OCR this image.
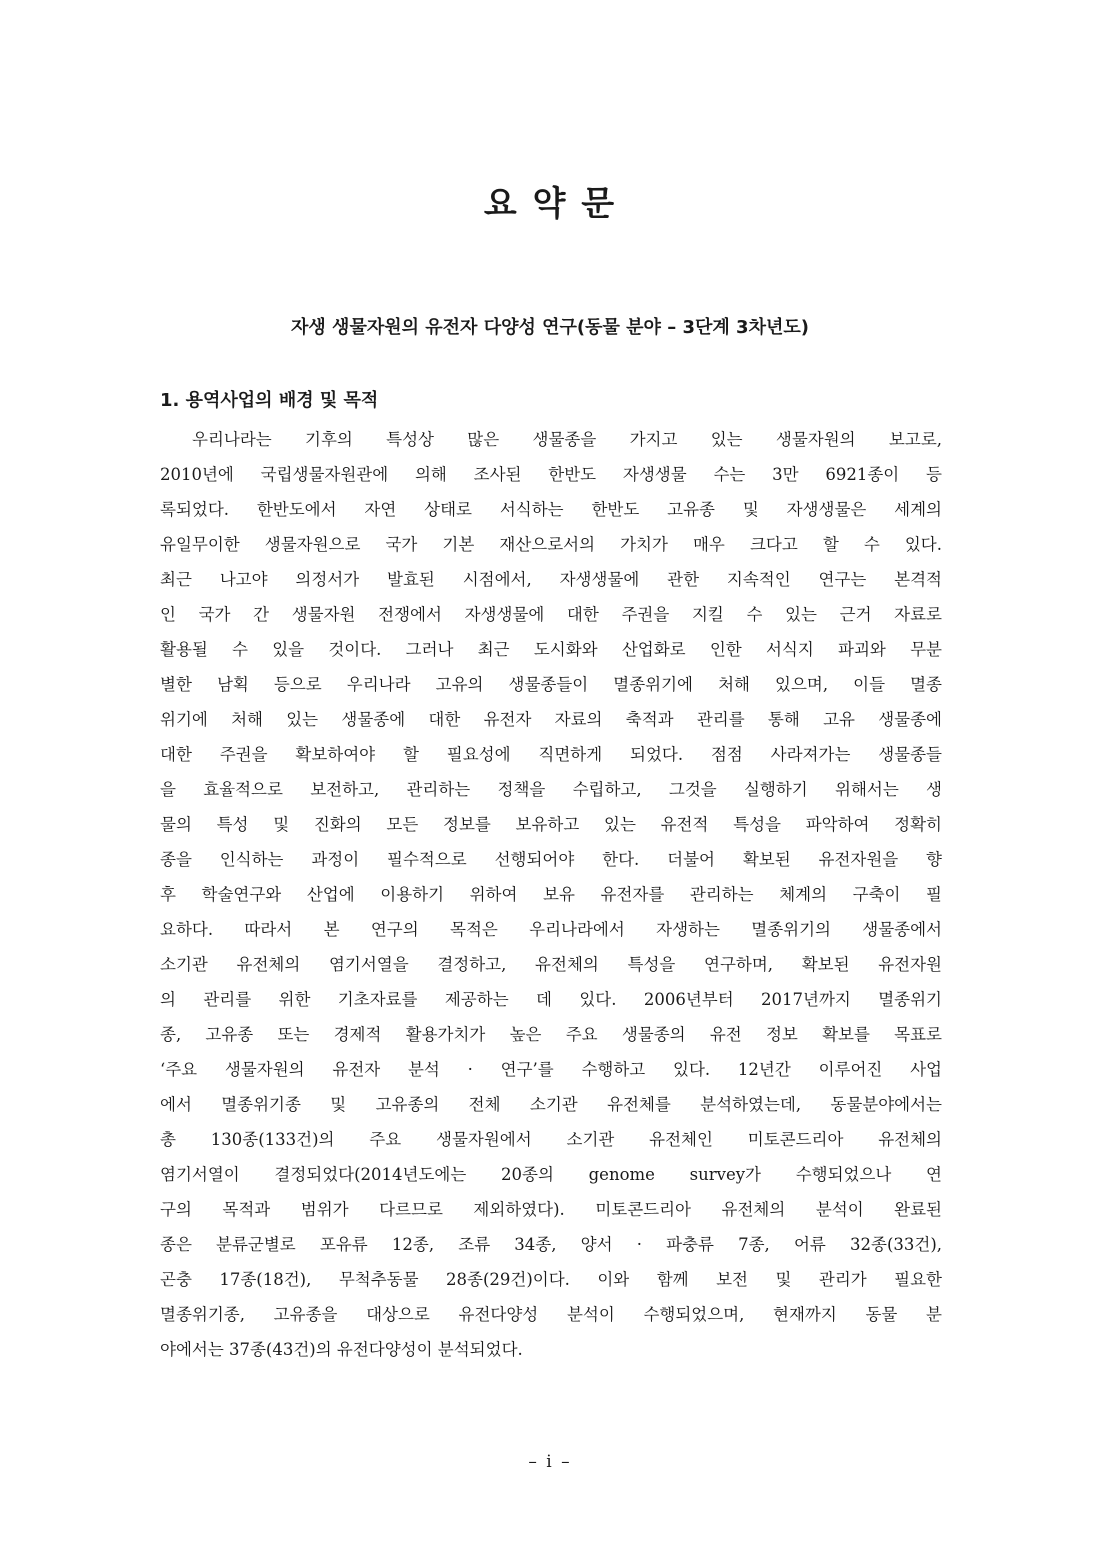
요 약 문
자생 생물자원의 유전자 다양성 연구(동물 분야 – 3단계 3차년도)
1. 용역사업의 배경 및 목적
우리나라는 기후의 특성상 많은 생물종을 가지고 있는 생물자원의 보고로,
2010년에 국립생물자원관에 의해 조사된 한반도 자생생물 수는 3만 6921종이 등
록되었다. 한반도에서 자연 상태로 서식하는 한반도 고유종 및 자생생물은 세계의
유일무이한 생물자원으로 국가 기본 재산으로서의 가치가 매우 크다고 할 수 있다.
최근 나고야 의정서가 발효된 시점에서, 자생생물에 관한 지속적인 연구는 본격적
인 국가 간 생물자원 전쟁에서 자생생물에 대한 주권을 지킬 수 있는 근거 자료로
활용될 수 있을 것이다. 그러나 최근 도시화와 산업화로 인한 서식지 파괴와 무분
별한 남획 등으로 우리나라 고유의 생물종들이 멸종위기에 처해 있으며, 이들 멸종
위기에 처해 있는 생물종에 대한 유전자 자료의 축적과 관리를 통해 고유 생물종에
대한 주권을 확보하여야 할 필요성에 직면하게 되었다. 점점 사라져가는 생물종들
을 효율적으로 보전하고, 관리하는 정책을 수립하고, 그것을 실행하기 위해서는 생
물의 특성 및 진화의 모든 정보를 보유하고 있는 유전적 특성을 파악하여 정확히
종을 인식하는 과정이 필수적으로 선행되어야 한다. 더불어 확보된 유전자원을 향
후 학술연구와 산업에 이용하기 위하여 보유 유전자를 관리하는 체계의 구축이 필
요하다. 따라서 본 연구의 목적은 우리나라에서 자생하는 멸종위기의 생물종에서
소기관 유전체의 염기서열을 결정하고, 유전체의 특성을 연구하며, 확보된 유전자원
의 관리를 위한 기초자료를 제공하는 데 있다. 2006년부터 2017년까지 멸종위기
종, 고유종 또는 경제적 활용가치가 높은 주요 생물종의 유전 정보 확보를 목표로
‘주요 생물자원의 유전자 분석 · 연구’를 수행하고 있다. 12년간 이루어진 사업
에서 멸종위기종 및 고유종의 전체 소기관 유전체를 분석하였는데, 동물분야에서는
총 130종(133건)의 주요 생물자원에서 소기관 유전체인 미토콘드리아 유전체의
염기서열이 결정되었다(2014년도에는 20종의 genome survey가 수행되었으나 연
구의 목적과 범위가 다르므로 제외하였다). 미토콘드리아 유전체의 분석이 완료된
종은 분류군별로 포유류 12종, 조류 34종, 양서 · 파충류 7종, 어류 32종(33건),
곤충 17종(18건), 무척추동물 28종(29건)이다. 이와 함께 보전 및 관리가 필요한
멸종위기종, 고유종을 대상으로 유전다양성 분석이 수행되었으며, 현재까지 동물 분
야에서는 37종(43건)의 유전다양성이 분석되었다.
– i –
